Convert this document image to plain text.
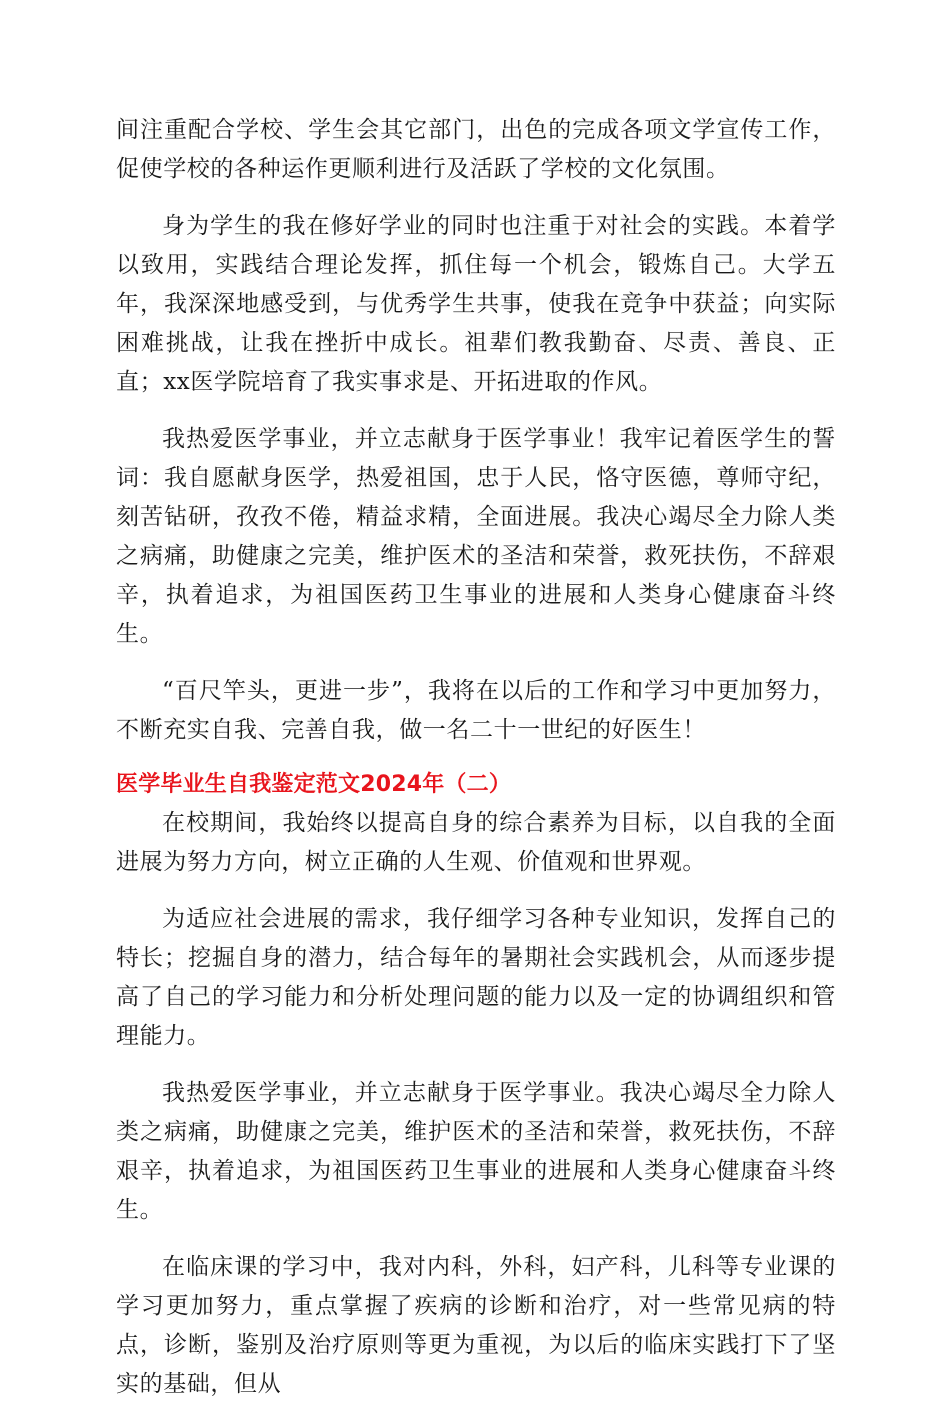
间注重配合学校、学生会其它部门，出色的完成各项文学宣传工作，促使学校的各种运作更顺利进行及活跃了学校的文化氛围。

身为学生的我在修好学业的同时也注重于对社会的实践。本着学以致用，实践结合理论发挥，抓住每一个机会，锻炼自己。大学五年，我深深地感受到，与优秀学生共事，使我在竞争中获益；向实际困难挑战，让我在挫折中成长。祖辈们教我勤奋、尽责、善良、正直；xx医学院培育了我实事求是、开拓进取的作风。

我热爱医学事业，并立志献身于医学事业！我牢记着医学生的誓词：我自愿献身医学，热爱祖国，忠于人民，恪守医德，尊师守纪，刻苦钻研，孜孜不倦，精益求精，全面进展。我决心竭尽全力除人类之病痛，助健康之完美，维护医术的圣洁和荣誉，救死扶伤，不辞艰辛，执着追求，为祖国医药卫生事业的进展和人类身心健康奋斗终生。

“百尺竿头，更进一步”，我将在以后的工作和学习中更加努力，不断充实自我、完善自我，做一名二十一世纪的好医生！

医学毕业生自我鉴定范文2024年（二）

在校期间，我始终以提高自身的综合素养为目标，以自我的全面进展为努力方向，树立正确的人生观、价值观和世界观。

为适应社会进展的需求，我仔细学习各种专业知识，发挥自己的特长；挖掘自身的潜力，结合每年的暑期社会实践机会，从而逐步提高了自己的学习能力和分析处理问题的能力以及一定的协调组织和管理能力。

我热爱医学事业，并立志献身于医学事业。我决心竭尽全力除人类之病痛，助健康之完美，维护医术的圣洁和荣誉，救死扶伤，不辞艰辛，执着追求，为祖国医药卫生事业的进展和人类身心健康奋斗终生。

在临床课的学习中，我对内科，外科，妇产科，儿科等专业课的学习更加努力，重点掌握了疾病的诊断和治疗，对一些常见病的特点，诊断，鉴别及治疗原则等更为重视，为以后的临床实践打下了坚实的基础，但从
